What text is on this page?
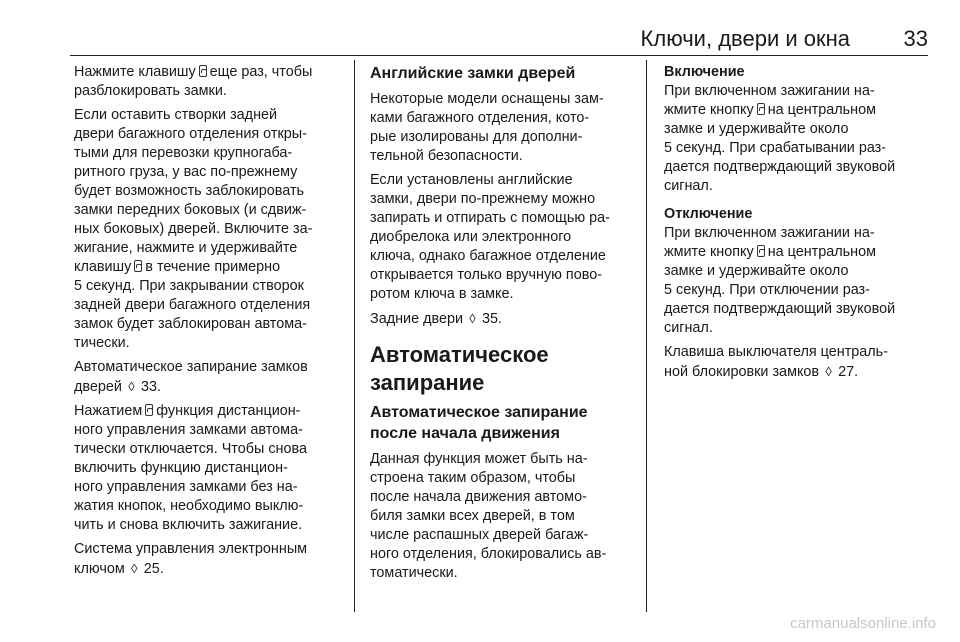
Ключи, двери и окна	33

Нажмите клавишу еще раз, чтобы
разблокировать замки.

Если оставить створки задней
двери багажного отделения откры-
тыми для перевозки крупногаба-
ритного груза, у вас по-прежнему
будет возможность заблокировать
замки передних боковых (и сдвиж-
ных боковых) дверей. Включите за-
жигание, нажмите и удерживайте
клавишу в течение примерно
5 секунд. При закрывании створок
задней двери багажного отделения
замок будет заблокирован автома-
тически.

Автоматическое запирание замков
дверей ◊ 33.

Нажатием функция дистанцион-
ного управления замками автома-
тически отключается. Чтобы снова
включить функцию дистанцион-
ного управления замками без на-
жатия кнопок, необходимо выклю-
чить и снова включить зажигание.

Система управления электронным
ключом ◊ 25.

Английские замки дверей

Некоторые модели оснащены зам-
ками багажного отделения, кото-
рые изолированы для дополни-
тельной безопасности.

Если установлены английские
замки, двери по-прежнему можно
запирать и отпирать с помощью ра-
диобрелока или электронного
ключа, однако багажное отделение
открывается только вручную пово-
ротом ключа в замке.

Задние двери ◊ 35.

Автоматическое
запирание
Автоматическое запирание
после начала движения

Данная функция может быть на-
строена таким образом, чтобы
после начала движения автомо-
биля замки всех дверей, в том
числе распашных дверей багаж-
ного отделения, блокировались ав-
томатически.

Включение

При включенном зажигании на-
жмите кнопку на центральном
замке и удерживайте около
5 секунд. При срабатывании раз-
дается подтверждающий звуковой
сигнал.

Отключение

При включенном зажигании на-
жмите кнопку на центральном
замке и удерживайте около
5 секунд. При отключении раз-
дается подтверждающий звуковой
сигнал.

Клавиша выключателя централь-
ной блокировки замков ◊ 27.

carmanualsonline.info
